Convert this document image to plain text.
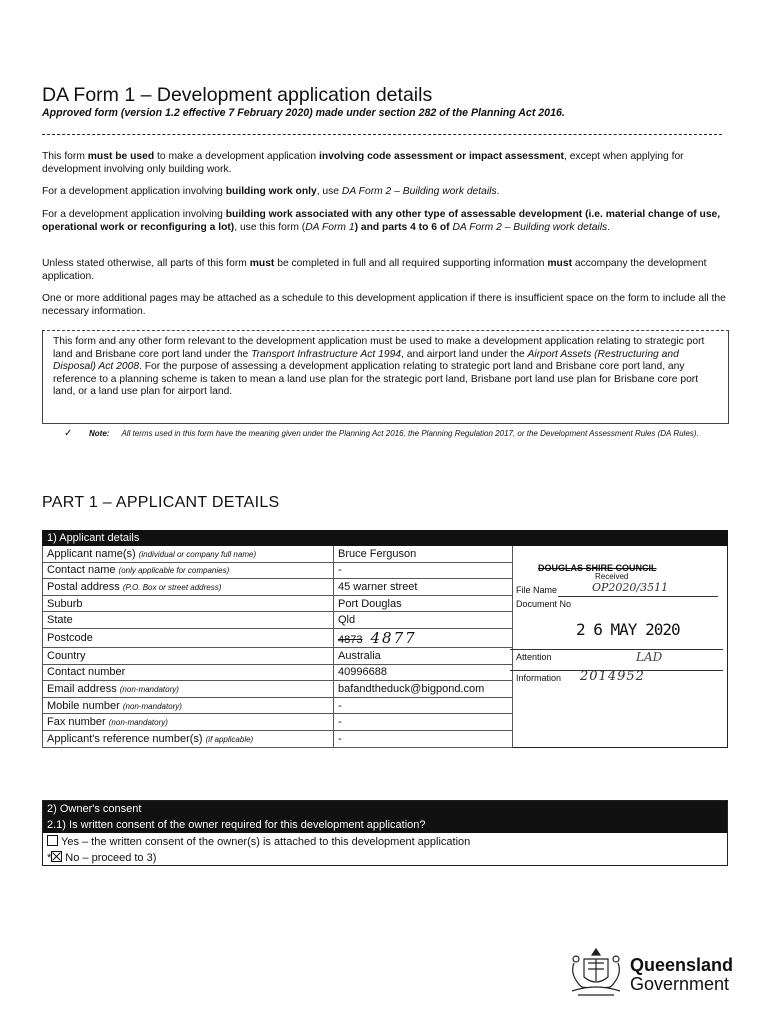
DA Form 1 – Development application details
Approved form (version 1.2 effective 7 February 2020) made under section 282 of the Planning Act 2016.
This form must be used to make a development application involving code assessment or impact assessment, except when applying for development involving only building work.
For a development application involving building work only, use DA Form 2 – Building work details.
For a development application involving building work associated with any other type of assessable development (i.e. material change of use, operational work or reconfiguring a lot), use this form (DA Form 1) and parts 4 to 6 of DA Form 2 – Building work details.
Unless stated otherwise, all parts of this form must be completed in full and all required supporting information must accompany the development application.
One or more additional pages may be attached as a schedule to this development application if there is insufficient space on the form to include all the necessary information.
This form and any other form relevant to the development application must be used to make a development application relating to strategic port land and Brisbane core port land under the Transport Infrastructure Act 1994, and airport land under the Airport Assets (Restructuring and Disposal) Act 2008. For the purpose of assessing a development application relating to strategic port land and Brisbane core port land, any reference to a planning scheme is taken to mean a land use plan for the strategic port land, Brisbane port land use plan for Brisbane core port land, or a land use plan for airport land.
✓ Note: All terms used in this form have the meaning given under the Planning Act 2016, the Planning Regulation 2017, or the Development Assessment Rules (DA Rules).
PART 1 – APPLICANT DETAILS
1) Applicant details		
Applicant name(s) (individual or company full name)	Bruce Ferguson	
Contact name (only applicable for companies)	-	
Postal address (P.O. Box or street address)	45 warner street	
Suburb	Port Douglas	
State	Qld	
Postcode	4873 4877	
Country	Australia	
Contact number	40996688	
Email address (non-mandatory)	bafandtheduck@bigpond.com	
Mobile number (non-mandatory)	-	
Fax number (non-mandatory)	-	
Applicant's reference number(s) (if applicable)	-	
DOUGLAS SHIRE COUNCIL
Received
File Name	OP2020/3511
Document No
2 6 MAY 2020
Attention	LAD
Information 2014952
2) Owner's consent
2.1) Is written consent of the owner required for this development application?
Yes – the written consent of the owner(s) is attached to this development application
* No – proceed to 3)
Queensland
Government
